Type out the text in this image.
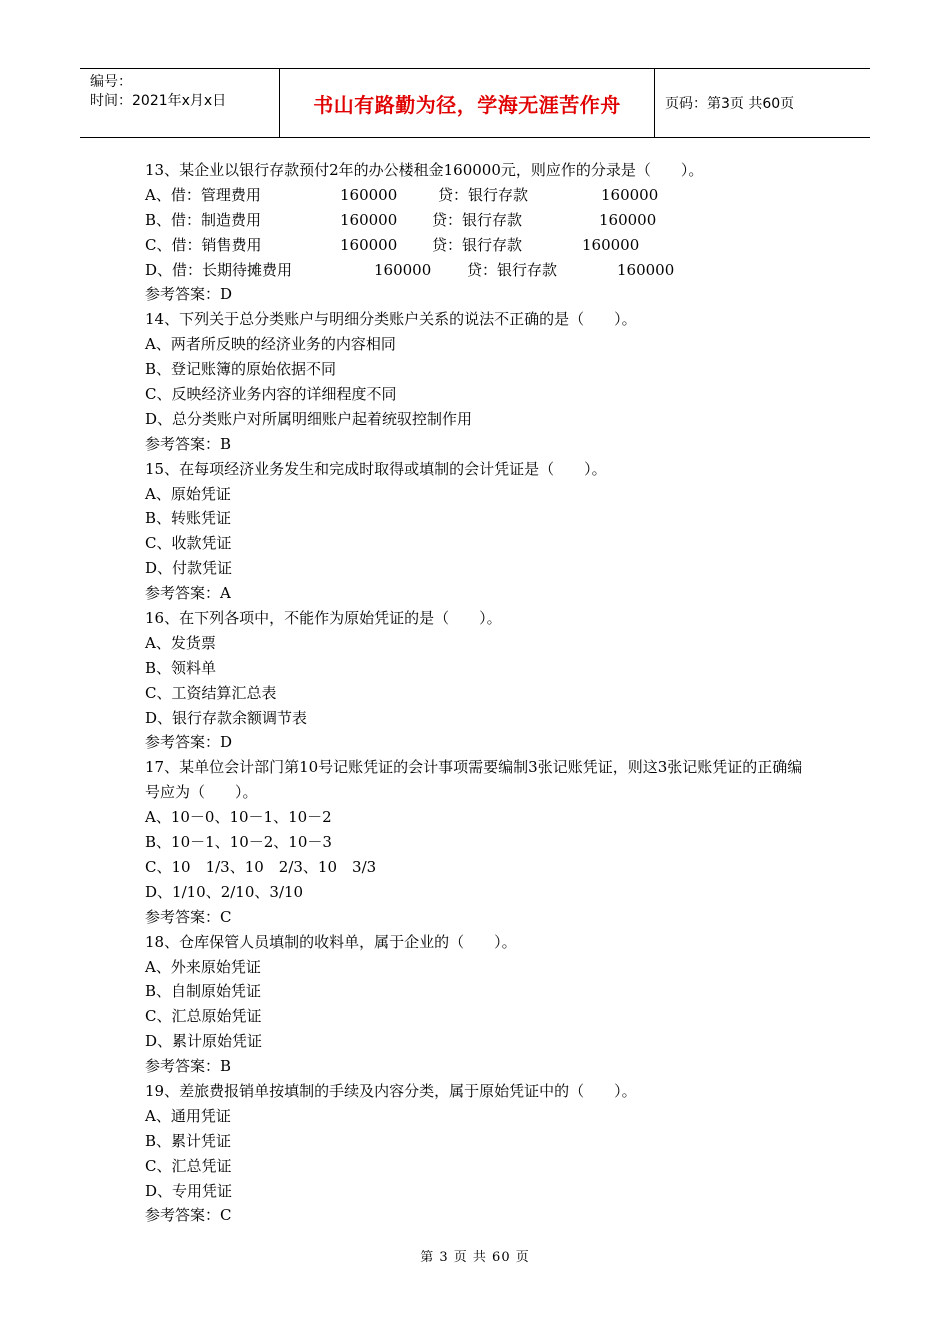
编号：
时间：2021年x月x日	书山有路勤为径，学海无涯苦作舟	页码：第3页 共60页
13、某企业以银行存款预付2年的办公楼租金160000元，则应作的分录是（　　）。
A、借：管理费用	160000	贷：银行存款	160000
B、借：制造费用	160000	贷：银行存款	160000
C、借：销售费用	160000	贷：银行存款	160000
D、借：长期待摊费用	160000	贷：银行存款	160000
参考答案：D
14、下列关于总分类账户与明细分类账户关系的说法不正确的是（　　）。
A、两者所反映的经济业务的内容相同
B、登记账簿的原始依据不同
C、反映经济业务内容的详细程度不同
D、总分类账户对所属明细账户起着统驭控制作用
参考答案：B
15、在每项经济业务发生和完成时取得或填制的会计凭证是（　　）。
A、原始凭证
B、转账凭证
C、收款凭证
D、付款凭证
参考答案：A
16、在下列各项中，不能作为原始凭证的是（　　）。
A、发货票
B、领料单
C、工资结算汇总表
D、银行存款余额调节表
参考答案：D
17、某单位会计部门第10号记账凭证的会计事项需要编制3张记账凭证，则这3张记账凭证的正确编号应为（　　）。
A、10－0、10－1、10－2
B、10－1、10－2、10－3
C、10　1/3、10　2/3、10　3/3
D、1/10、2/10、3/10
参考答案：C
18、仓库保管人员填制的收料单，属于企业的（　　）。
A、外来原始凭证
B、自制原始凭证
C、汇总原始凭证
D、累计原始凭证
参考答案：B
19、差旅费报销单按填制的手续及内容分类，属于原始凭证中的（　　）。
A、通用凭证
B、累计凭证
C、汇总凭证
D、专用凭证
参考答案：C
第 3 页 共 60 页
